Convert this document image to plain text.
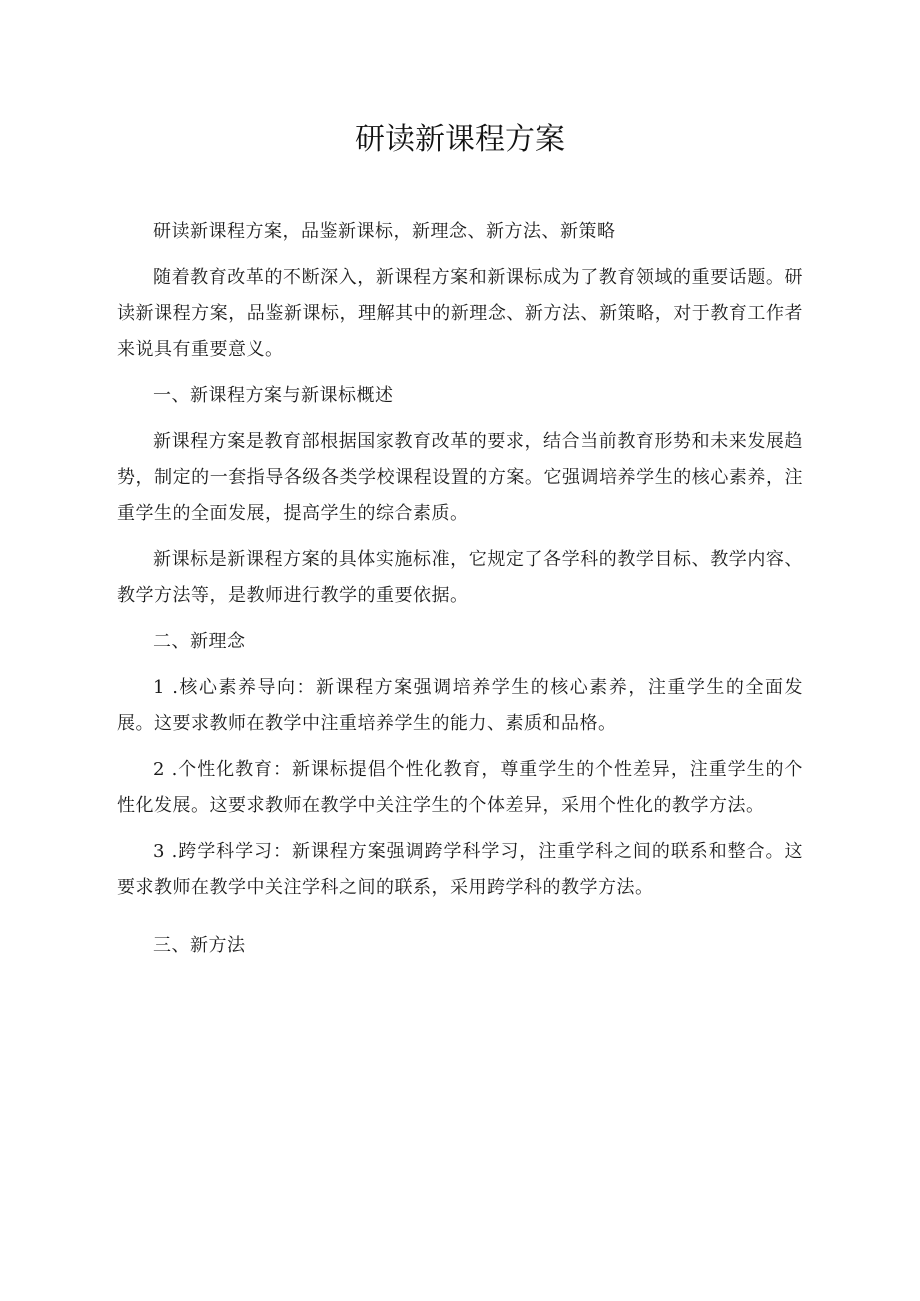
研读新课程方案

研读新课程方案，品鉴新课标，新理念、新方法、新策略

随着教育改革的不断深入，新课程方案和新课标成为了教育领域的重要话题。研读新课程方案，品鉴新课标，理解其中的新理念、新方法、新策略，对于教育工作者来说具有重要意义。

一、新课程方案与新课标概述

新课程方案是教育部根据国家教育改革的要求，结合当前教育形势和未来发展趋势，制定的一套指导各级各类学校课程设置的方案。它强调培养学生的核心素养，注重学生的全面发展，提高学生的综合素质。

新课标是新课程方案的具体实施标准，它规定了各学科的教学目标、教学内容、教学方法等，是教师进行教学的重要依据。

二、新理念

1 .核心素养导向：新课程方案强调培养学生的核心素养，注重学生的全面发展。这要求教师在教学中注重培养学生的能力、素质和品格。

2 .个性化教育：新课标提倡个性化教育，尊重学生的个性差异，注重学生的个性化发展。这要求教师在教学中关注学生的个体差异，采用个性化的教学方法。

3 .跨学科学习：新课程方案强调跨学科学习，注重学科之间的联系和整合。这要求教师在教学中关注学科之间的联系，采用跨学科的教学方法。

三、新方法
